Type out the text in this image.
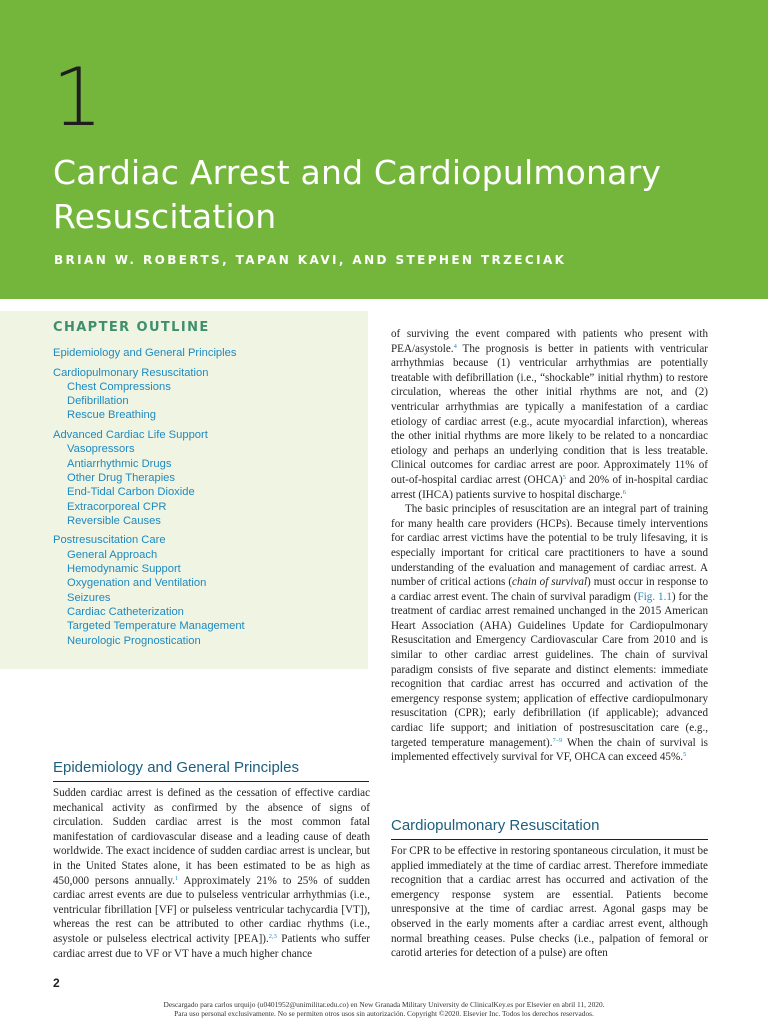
1
Cardiac Arrest and Cardiopulmonary
Resuscitation
BRIAN W. ROBERTS, TAPAN KAVI, AND STEPHEN TRZECIAK
CHAPTER OUTLINE
Epidemiology and General Principles
Cardiopulmonary Resuscitation
Chest Compressions
Defibrillation
Rescue Breathing
Advanced Cardiac Life Support
Vasopressors
Antiarrhythmic Drugs
Other Drug Therapies
End-Tidal Carbon Dioxide
Extracorporeal CPR
Reversible Causes
Postresuscitation Care
General Approach
Hemodynamic Support
Oxygenation and Ventilation
Seizures
Cardiac Catheterization
Targeted Temperature Management
Neurologic Prognostication
Epidemiology and General Principles

Sudden cardiac arrest is defined as the cessation of effective cardiac mechanical activity as confirmed by the absence of signs of circulation. Sudden cardiac arrest is the most common fatal manifestation of cardiovascular disease and a leading cause of death worldwide. The exact incidence of sudden cardiac arrest is unclear, but in the United States alone, it has been estimated to be as high as 450,000 persons annually.$^1$ Approximately 21% to 25% of sudden cardiac arrest events are due to pulseless ventricular arrhythmias (i.e., ventricular fibrillation [VF] or pulseless ventricular tachycardia [VT]), whereas the rest can be attributed to other cardiac rhythms (i.e., asystole or pulseless electrical activity [PEA]).$^{2,3}$ Patients who suffer cardiac arrest due to VF or VT have a much higher chance

of surviving the event compared with patients who present with PEA/asystole.$^4$ The prognosis is better in patients with ventricular arrhythmias because (1) ventricular arrhythmias are potentially treatable with defibrillation (i.e., “shockable” initial rhythm) to restore circulation, whereas the other initial rhythms are not, and (2) ventricular arrhythmias are typically a manifestation of a cardiac etiology of cardiac arrest (e.g., acute myocardial infarction), whereas the other initial rhythms are more likely to be related to a noncardiac etiology and perhaps an underlying condition that is less treatable. Clinical outcomes for cardiac arrest are poor. Approximately 11% of out-of-hospital cardiac arrest (OHCA)$^5$ and 20% of in-hospital cardiac arrest (IHCA) patients survive to hospital discharge.$^6$

The basic principles of resuscitation are an integral part of training for many health care providers (HCPs). Because timely interventions for cardiac arrest victims have the potential to be truly lifesaving, it is especially important for critical care practitioners to have a sound understanding of the evaluation and management of cardiac arrest. A number of critical actions (chain of survival) must occur in response to a cardiac arrest event. The chain of survival paradigm (Fig. 1.1) for the treatment of cardiac arrest remained unchanged in the 2015 American Heart Association (AHA) Guidelines Update for Cardiopulmonary Resuscitation and Emergency Cardiovascular Care from 2010 and is similar to other cardiac arrest guidelines. The chain of survival paradigm consists of five separate and distinct elements: immediate recognition that cardiac arrest has occurred and activation of the emergency response system; application of effective cardiopulmonary resuscitation (CPR); early defibrillation (if applicable); advanced cardiac life support; and initiation of postresuscitation care (e.g., targeted temperature management).$^{7-9}$ When the chain of survival is implemented effectively survival for VF, OHCA can exceed 45%.$^5$

Cardiopulmonary Resuscitation

For CPR to be effective in restoring spontaneous circulation, it must be applied immediately at the time of cardiac arrest. Therefore immediate recognition that a cardiac arrest has occurred and activation of the emergency response system are essential. Patients become unresponsive at the time of cardiac arrest. Agonal gasps may be observed in the early moments after a cardiac arrest event, although normal breathing ceases. Pulse checks (i.e., palpation of femoral or carotid arteries for detection of a pulse) are often

2
Descargado para carlos urquijo (u0401952@unimilitar.edu.co) en New Granada Military University de ClinicalKey.es por Elsevier en abril 11, 2020.
Para uso personal exclusivamente. No se permiten otros usos sin autorización. Copyright ©2020. Elsevier Inc. Todos los derechos reservados.
